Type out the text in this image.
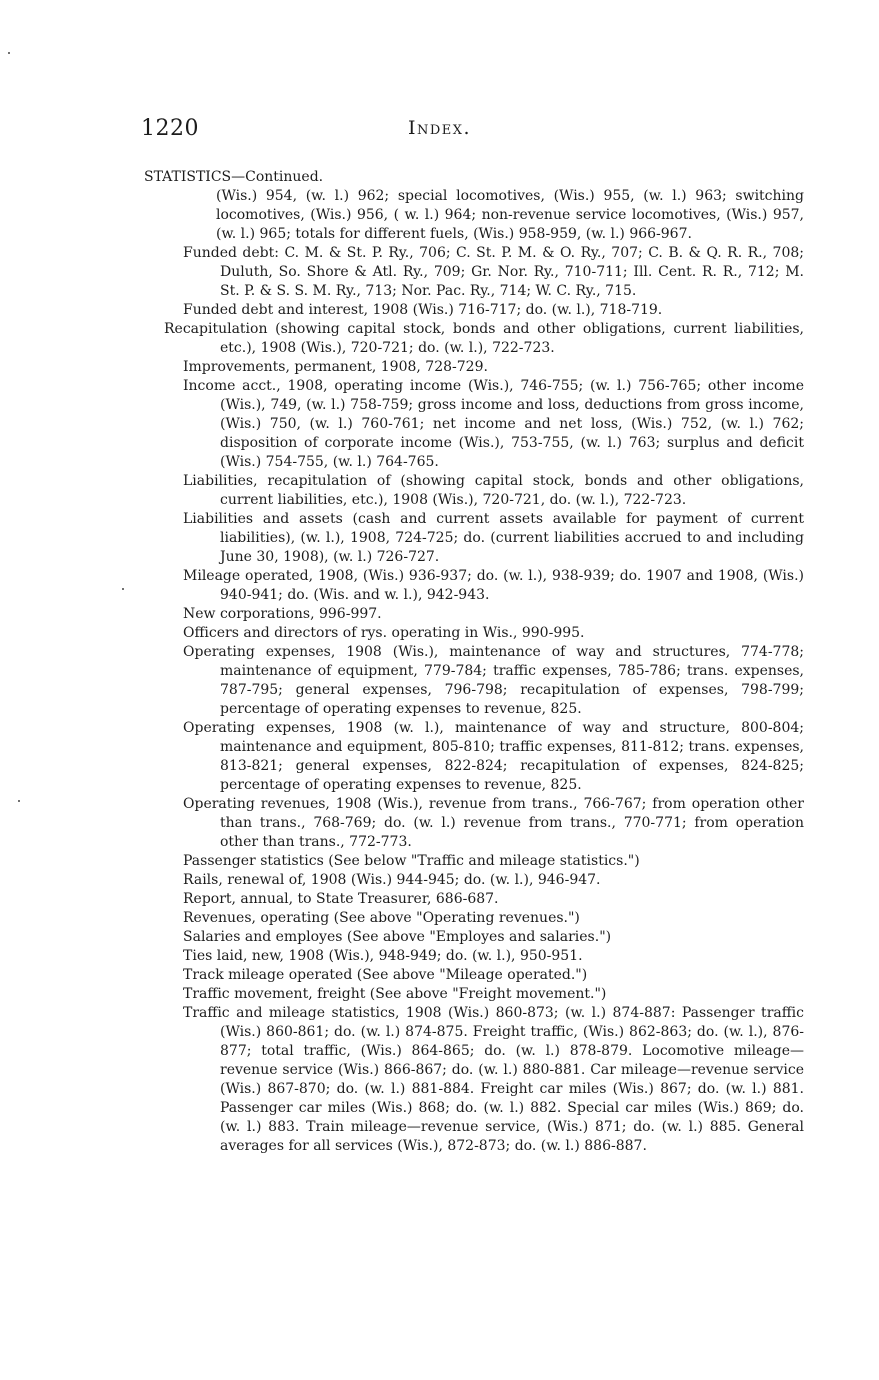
1220	Index.

STATISTICS—Continued.

(Wis.) 954, (w. l.) 962; special locomotives, (Wis.) 955, (w. l.) 963; switching locomotives, (Wis.) 956, ( w. l.) 964; non-revenue service locomotives, (Wis.) 957, (w. l.) 965; totals for different fuels, (Wis.) 958-959, (w. l.) 966-967.

Funded debt: C. M. & St. P. Ry., 706; C. St. P. M. & O. Ry., 707; C. B. & Q. R. R., 708; Duluth, So. Shore & Atl. Ry., 709; Gr. Nor. Ry., 710-711; Ill. Cent. R. R., 712; M. St. P. & S. S. M. Ry., 713; Nor. Pac. Ry., 714; W. C. Ry., 715.

Funded debt and interest, 1908 (Wis.) 716-717; do. (w. l.), 718-719.

Recapitulation (showing capital stock, bonds and other obligations, current liabilities, etc.), 1908 (Wis.), 720-721; do. (w. l.), 722-723.

Improvements, permanent, 1908, 728-729.

Income acct., 1908, operating income (Wis.), 746-755; (w. l.) 756-765; other income (Wis.), 749, (w. l.) 758-759; gross income and loss, deductions from gross income, (Wis.) 750, (w. l.) 760-761; net income and net loss, (Wis.) 752, (w. l.) 762; disposition of corporate income (Wis.), 753-755, (w. l.) 763; surplus and deficit (Wis.) 754-755, (w. l.) 764-765.

Liabilities, recapitulation of (showing capital stock, bonds and other obligations, current liabilities, etc.), 1908 (Wis.), 720-721, do. (w. l.), 722-723.

Liabilities and assets (cash and current assets available for payment of current liabilities), (w. l.), 1908, 724-725; do. (current liabilities accrued to and including June 30, 1908), (w. l.) 726-727.

Mileage operated, 1908, (Wis.) 936-937; do. (w. l.), 938-939; do. 1907 and 1908, (Wis.) 940-941; do. (Wis. and w. l.), 942-943.

New corporations, 996-997.

Officers and directors of rys. operating in Wis., 990-995.

Operating expenses, 1908 (Wis.), maintenance of way and structures, 774-778; maintenance of equipment, 779-784; traffic expenses, 785-786; trans. expenses, 787-795; general expenses, 796-798; recapitulation of expenses, 798-799; percentage of operating expenses to revenue, 825.

Operating expenses, 1908 (w. l.), maintenance of way and structure, 800-804; maintenance and equipment, 805-810; traffic expenses, 811-812; trans. expenses, 813-821; general expenses, 822-824; recapitulation of expenses, 824-825; percentage of operating expenses to revenue, 825.

Operating revenues, 1908 (Wis.), revenue from trans., 766-767; from operation other than trans., 768-769; do. (w. l.) revenue from trans., 770-771; from operation other than trans., 772-773.

Passenger statistics (See below "Traffic and mileage statistics.")

Rails, renewal of, 1908 (Wis.) 944-945; do. (w. l.), 946-947.

Report, annual, to State Treasurer, 686-687.

Revenues, operating (See above "Operating revenues.")

Salaries and employes (See above "Employes and salaries.")

Ties laid, new, 1908 (Wis.), 948-949; do. (w. l.), 950-951.

Track mileage operated (See above "Mileage operated.")

Traffic movement, freight (See above "Freight movement.")

Traffic and mileage statistics, 1908 (Wis.) 860-873; (w. l.) 874-887: Passenger traffic (Wis.) 860-861; do. (w. l.) 874-875. Freight traffic, (Wis.) 862-863; do. (w. l.), 876-877; total traffic, (Wis.) 864-865; do. (w. l.) 878-879. Locomotive mileage—revenue service (Wis.) 866-867; do. (w. l.) 880-881. Car mileage—revenue service (Wis.) 867-870; do. (w. l.) 881-884. Freight car miles (Wis.) 867; do. (w. l.) 881. Passenger car miles (Wis.) 868; do. (w. l.) 882. Special car miles (Wis.) 869; do. (w. l.) 883. Train mileage—revenue service, (Wis.) 871; do. (w. l.) 885. General averages for all services (Wis.), 872-873; do. (w. l.) 886-887.
